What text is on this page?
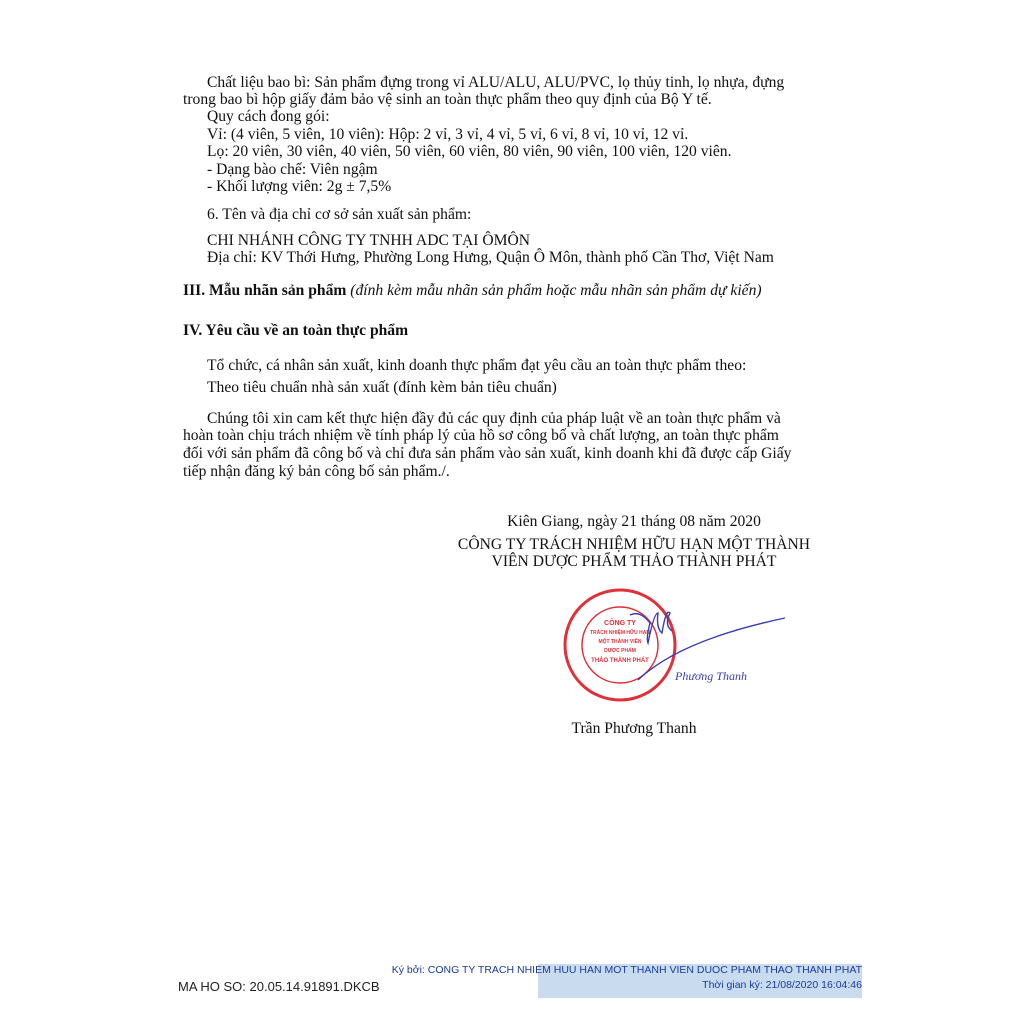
Chất liệu bao bì: Sản phẩm đựng trong vỉ ALU/ALU, ALU/PVC, lọ thủy tinh, lọ nhựa, đựng
trong bao bì hộp giấy đảm bảo vệ sinh an toàn thực phẩm theo quy định của Bộ Y tế.
Quy cách đong gói:
Vỉ: (4 viên, 5 viên, 10 viên): Hộp: 2 vỉ, 3 vỉ, 4 vỉ, 5 vỉ, 6 vỉ, 8 vỉ, 10 vỉ, 12 vỉ.
Lọ: 20 viên, 30 viên, 40 viên, 50 viên, 60 viên, 80 viên, 90 viên, 100 viên, 120 viên.
- Dạng bào chế: Viên ngậm
- Khối lượng viên: 2g ± 7,5%
6. Tên và địa chỉ cơ sở sản xuất sản phẩm:
CHI NHÁNH CÔNG TY TNHH ADC TẠI ÔMÔN
Địa chỉ: KV Thới Hưng, Phường Long Hưng, Quận Ô Môn, thành phố Cần Thơ, Việt Nam
III. Mẫu nhãn sản phẩm (đính kèm mẫu nhãn sản phẩm hoặc mẫu nhãn sản phẩm dự kiến)
IV. Yêu cầu về an toàn thực phẩm
Tổ chức, cá nhân sản xuất, kinh doanh thực phẩm đạt yêu cầu an toàn thực phẩm theo:
Theo tiêu chuẩn nhà sản xuất (đính kèm bản tiêu chuẩn)
Chúng tôi xin cam kết thực hiện đầy đủ các quy định của pháp luật về an toàn thực phẩm và
hoàn toàn chịu trách nhiệm về tính pháp lý của hồ sơ công bố và chất lượng, an toàn thực phẩm
đối với sản phẩm đã công bố và chỉ đưa sản phẩm vào sản xuất, kinh doanh khi đã được cấp Giấy
tiếp nhận đăng ký bản công bố sản phẩm./.
Kiên Giang, ngày 21 tháng 08 năm 2020
CÔNG TY TRÁCH NHIỆM HỮU HẠN MỘT THÀNH
VIÊN DƯỢC PHẨM THẢO THÀNH PHÁT
CÔNG TY
TRÁCH NHIỆM HỮU HẠN
MỘT THÀNH VIÊN
DƯỢC PHẨM
THẢO THÀNH PHÁT
Phương Thanh
Trần Phương Thanh
Ký bởi: CONG TY TRACH NHIEM HUU HAN MOT THANH VIEN DUOC PHAM THAO THANH PHAT
Thời gian ký: 21/08/2020 16:04:46
MA HO SO: 20.05.14.91891.DKCB
